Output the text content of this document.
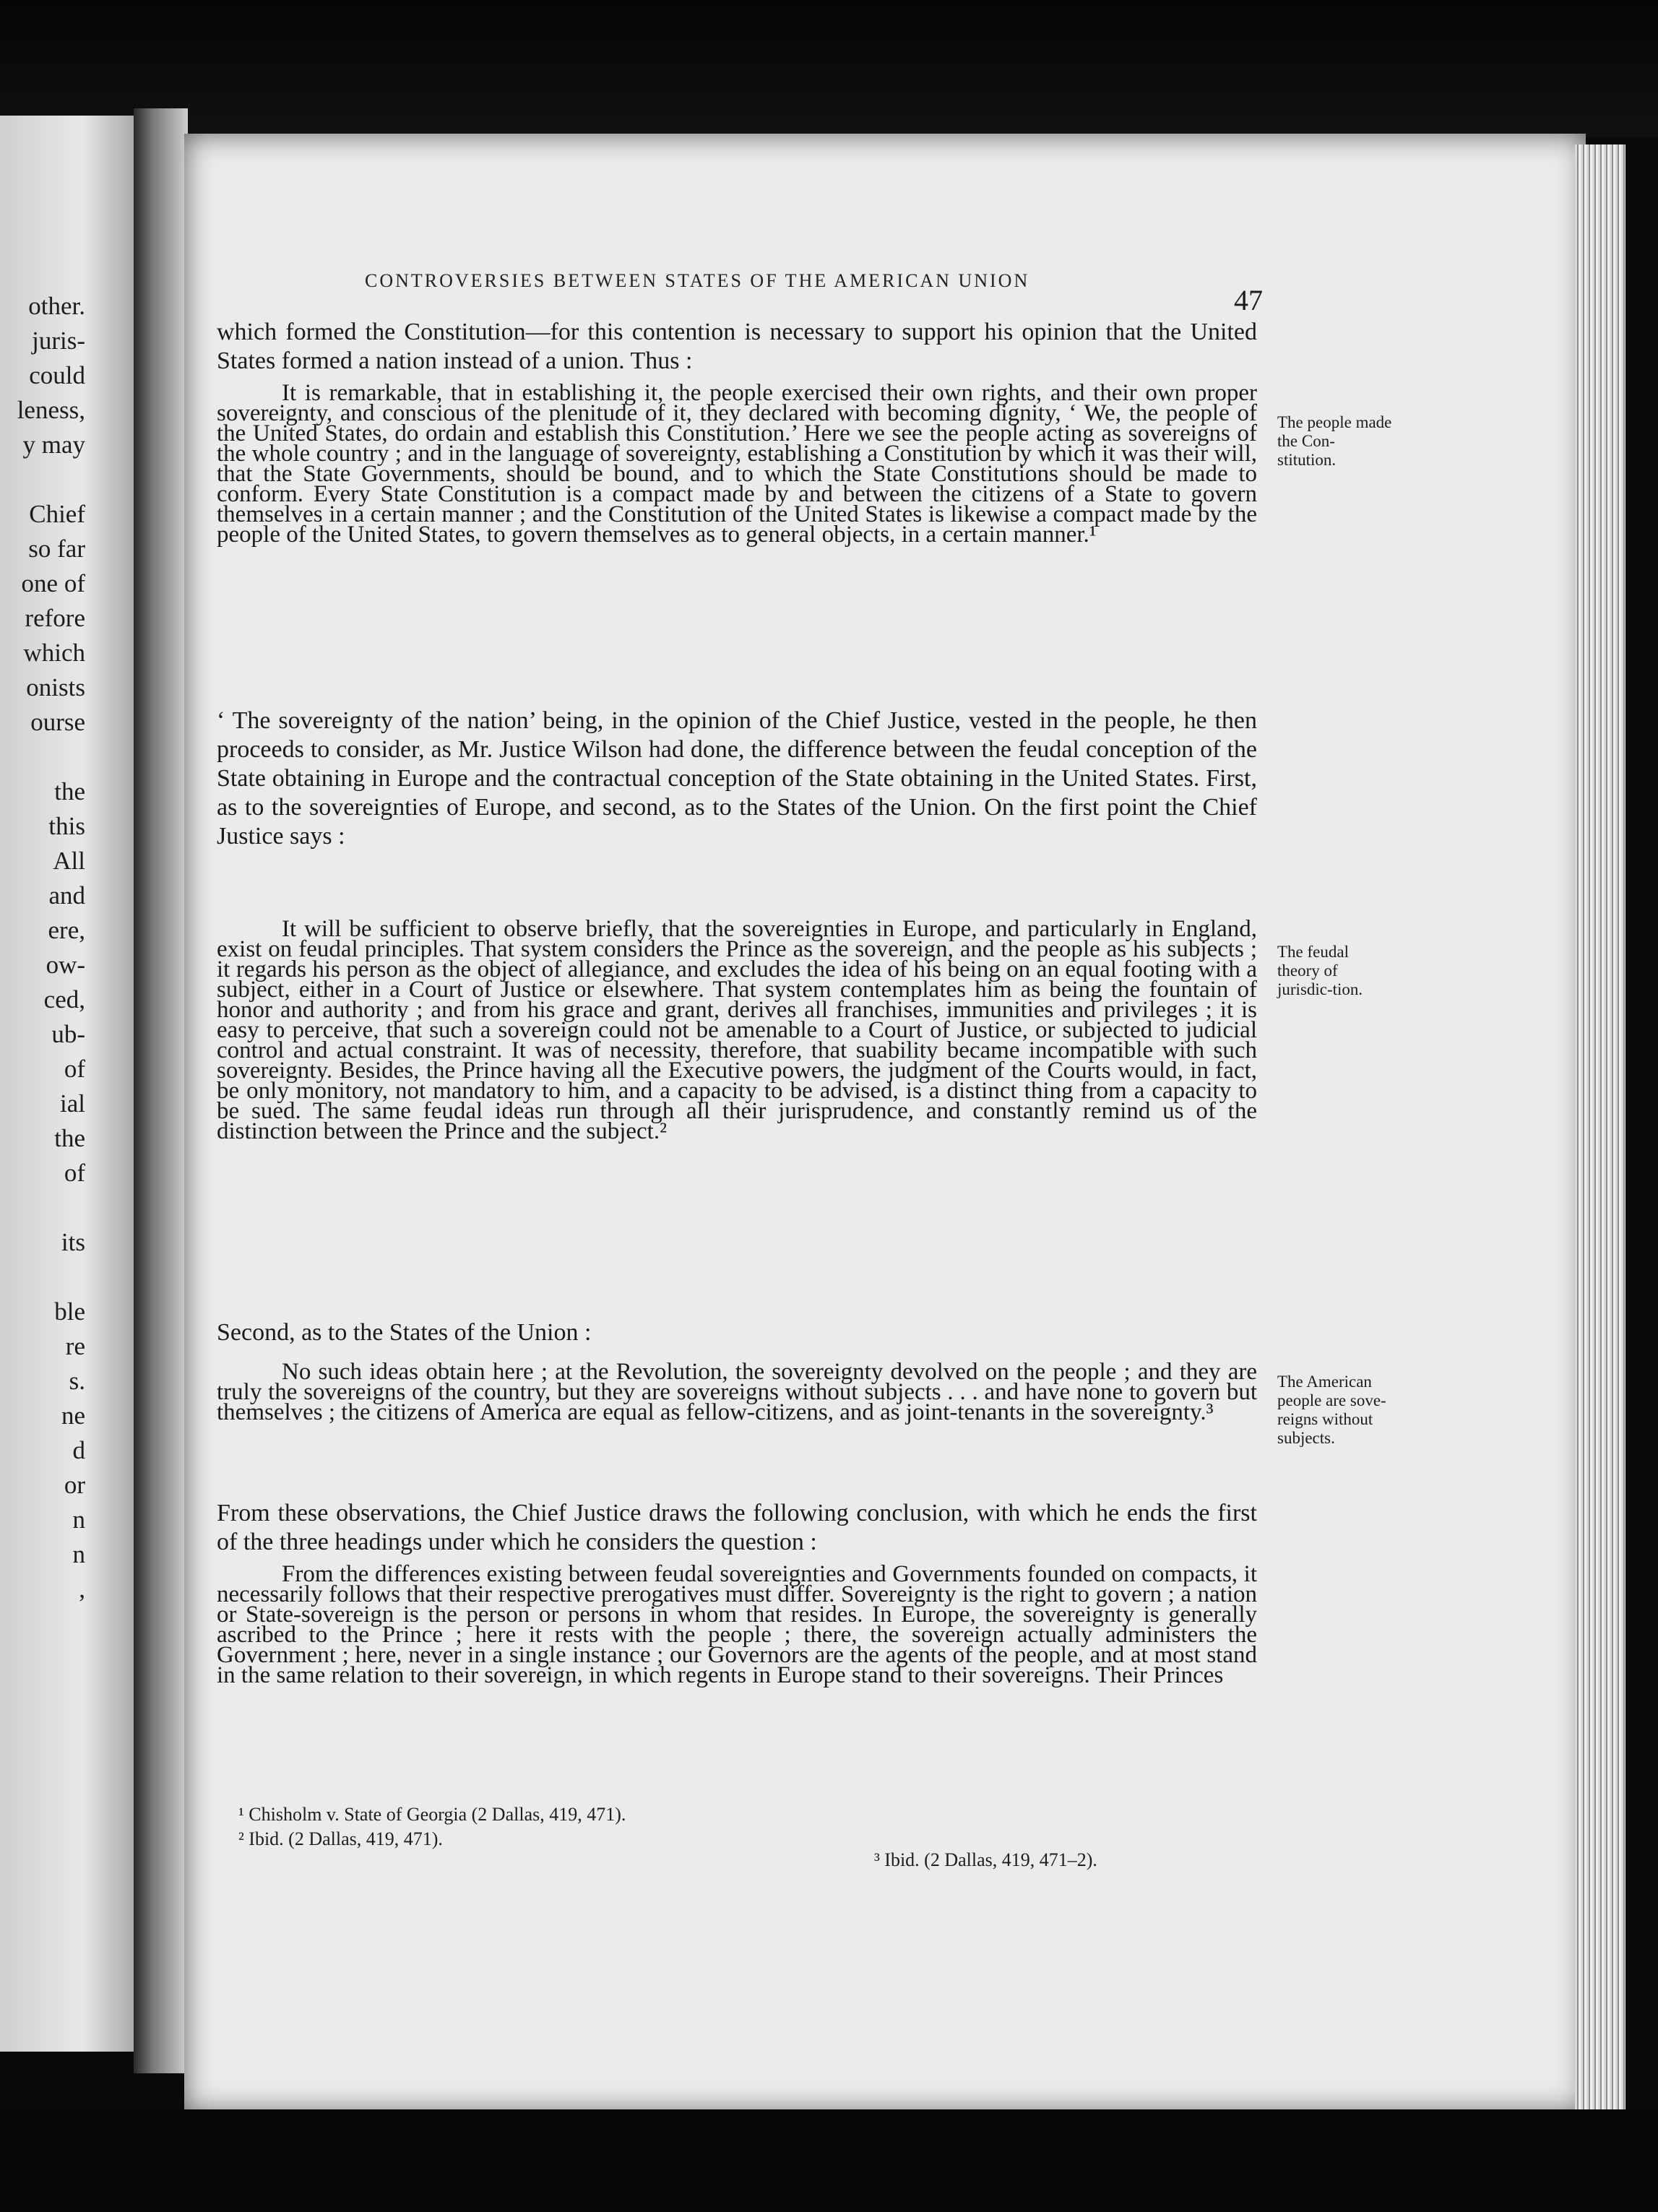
other.
juris-
could
leness,
y may
Chief
so far
one of
refore
which
onists
ourse
the
this
All
and
ere,
ow-
ced,
ub-
of
ial
the
of
its
ble
re
s.
ne
d
or
n
n
,
CONTROVERSIES BETWEEN STATES OF THE AMERICAN UNION
47

which formed the Constitution—for this contention is necessary to support his opinion that the United States formed a nation instead of a union. Thus :

It is remarkable, that in establishing it, the people exercised their own rights, and their own proper sovereignty, and conscious of the plenitude of it, they declared with becoming dignity, ‘ We, the people of the United States, do ordain and establish this Constitution.’ Here we see the people acting as sovereigns of the whole country ; and in the language of sovereignty, establishing a Constitution by which it was their will, that the State Governments, should be bound, and to which the State Constitutions should be made to conform. Every State Constitution is a compact made by and between the citizens of a State to govern themselves in a certain manner ; and the Constitution of the United States is likewise a compact made by the people of the United States, to govern themselves as to general objects, in a certain manner.¹

‘ The sovereignty of the nation’ being, in the opinion of the Chief Justice, vested in the people, he then proceeds to consider, as Mr. Justice Wilson had done, the difference between the feudal conception of the State obtaining in Europe and the contractual conception of the State obtaining in the United States. First, as to the sovereignties of Europe, and second, as to the States of the Union. On the first point the Chief Justice says :

It will be sufficient to observe briefly, that the sovereignties in Europe, and particularly in England, exist on feudal principles. That system considers the Prince as the sovereign, and the people as his subjects ; it regards his person as the object of allegiance, and excludes the idea of his being on an equal footing with a subject, either in a Court of Justice or elsewhere. That system contemplates him as being the fountain of honor and authority ; and from his grace and grant, derives all franchises, immunities and privileges ; it is easy to perceive, that such a sovereign could not be amenable to a Court of Justice, or subjected to judicial control and actual constraint. It was of necessity, therefore, that suability became incompatible with such sovereignty. Besides, the Prince having all the Executive powers, the judgment of the Courts would, in fact, be only monitory, not mandatory to him, and a capacity to be advised, is a distinct thing from a capacity to be sued. The same feudal ideas run through all their jurisprudence, and constantly remind us of the distinction between the Prince and the subject.²

Second, as to the States of the Union :

No such ideas obtain here ; at the Revolution, the sovereignty devolved on the people ; and they are truly the sovereigns of the country, but they are sovereigns without subjects . . . and have none to govern but themselves ; the citizens of America are equal as fellow-citizens, and as joint-tenants in the sovereignty.³

From these observations, the Chief Justice draws the following conclusion, with which he ends the first of the three headings under which he considers the question :

From the differences existing between feudal sovereignties and Governments founded on compacts, it necessarily follows that their respective prerogatives must differ. Sovereignty is the right to govern ; a nation or State-sovereign is the person or persons in whom that resides. In Europe, the sovereignty is generally ascribed to the Prince ; here it rests with the people ; there, the sovereign actually administers the Government ; here, never in a single instance ; our Governors are the agents of the people, and at most stand in the same relation to their sovereign, in which regents in Europe stand to their sovereigns. Their Princes

The people made the Con-stitution.
The feudal theory of jurisdic-tion.
The American people are sove-reigns without subjects.
¹ Chisholm v. State of Georgia (2 Dallas, 419, 471).
² Ibid. (2 Dallas, 419, 471).
³ Ibid. (2 Dallas, 419, 471–2).
